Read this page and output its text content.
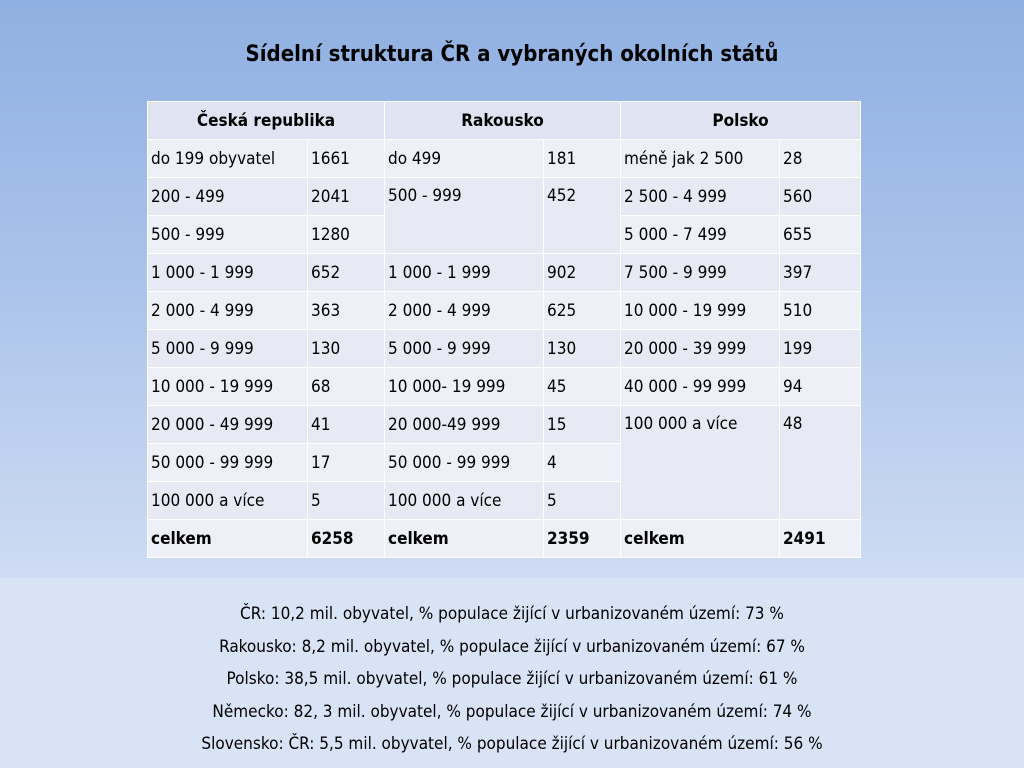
Sídelní struktura ČR a vybraných okolních států
Česká republika		Rakousko		Polsko	
do 199 obyvatel	1661	do 499	181	méně jak 2 500	28
200 - 499	2041	500 - 999	452	2 500 - 4 999	560
500 - 999	1280			5 000 - 7 499	655
1 000 - 1 999	652	1 000 - 1 999	902	7 500 - 9 999	397
2 000 - 4 999	363	2 000 - 4 999	625	10 000 - 19 999	510
5 000 - 9 999	130	5 000 - 9 999	130	20 000 - 39 999	199
10 000 - 19 999	68	10 000- 19 999	45	40 000 - 99 999	94
20 000 - 49 999	41	20 000-49 999	15	100 000 a více	48
50 000 - 99 999	17	50 000 - 99 999	4		
100 000 a více	5	100 000 a více	5		
celkem	6258	celkem	2359	celkem	2491
ČR: 10,2 mil. obyvatel, % populace žijící v urbanizovaném území: 73 %
Rakousko: 8,2 mil. obyvatel, % populace žijící v urbanizovaném území: 67 %
Polsko: 38,5 mil. obyvatel, % populace žijící v urbanizovaném území: 61 %
Německo: 82, 3 mil. obyvatel, % populace žijící v urbanizovaném území: 74 %
Slovensko: ČR: 5,5 mil. obyvatel, % populace žijící v urbanizovaném území: 56 %
